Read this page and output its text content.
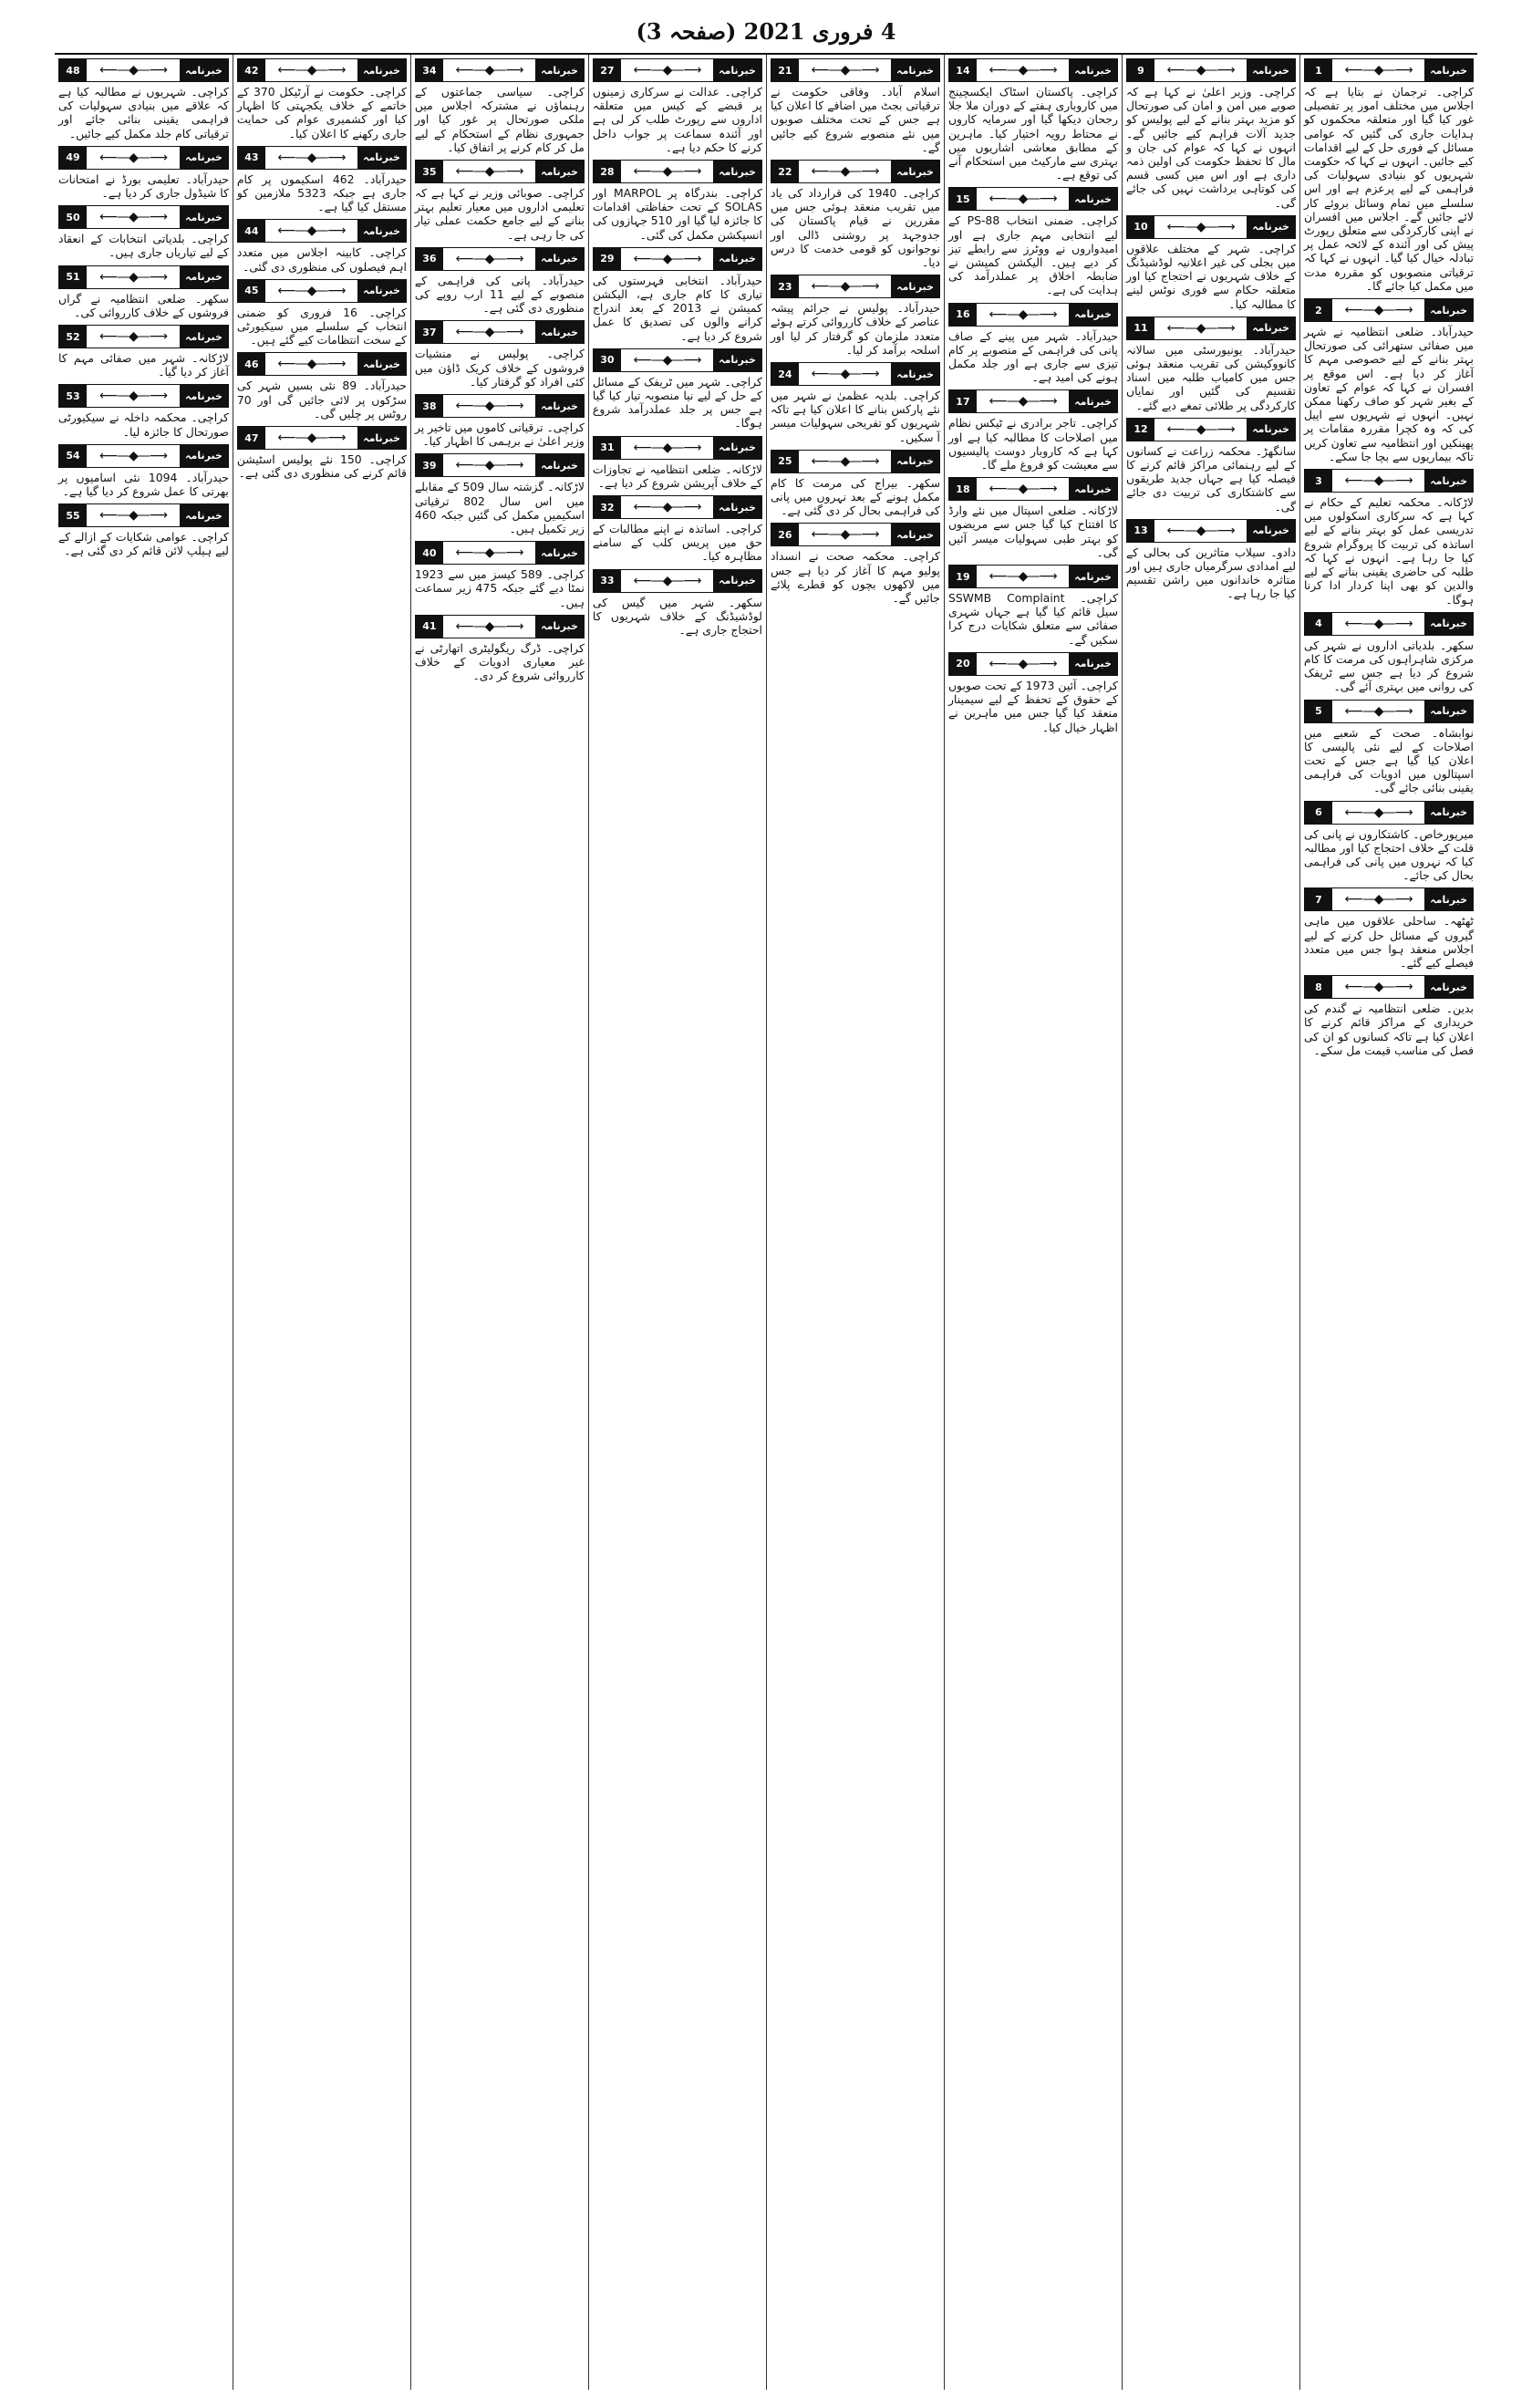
4 فروری 2021 (صفحہ 3)
خبرنامہ
⟵—◆—⟶
1

کراچی۔ ترجمان نے بتایا ہے کہ اجلاس میں مختلف امور پر تفصیلی غور کیا گیا اور متعلقہ محکموں کو ہدایات جاری کی گئیں کہ عوامی مسائل کے فوری حل کے لیے اقدامات کیے جائیں۔ انہوں نے کہا کہ حکومت شہریوں کو بنیادی سہولیات کی فراہمی کے لیے پرعزم ہے اور اس سلسلے میں تمام وسائل بروئے کار لائے جائیں گے۔ اجلاس میں افسران نے اپنی کارکردگی سے متعلق رپورٹ پیش کی اور آئندہ کے لائحہ عمل پر تبادلہ خیال کیا گیا۔ انہوں نے کہا کہ ترقیاتی منصوبوں کو مقررہ مدت میں مکمل کیا جائے گا۔

خبرنامہ
⟵—◆—⟶
2

حیدرآباد۔ ضلعی انتظامیہ نے شہر میں صفائی ستھرائی کی صورتحال بہتر بنانے کے لیے خصوصی مہم کا آغاز کر دیا ہے۔ اس موقع پر افسران نے کہا کہ عوام کے تعاون کے بغیر شہر کو صاف رکھنا ممکن نہیں۔ انہوں نے شہریوں سے اپیل کی کہ وہ کچرا مقررہ مقامات پر پھینکیں اور انتظامیہ سے تعاون کریں تاکہ بیماریوں سے بچا جا سکے۔

خبرنامہ
⟵—◆—⟶
3

لاڑکانہ۔ محکمہ تعلیم کے حکام نے کہا ہے کہ سرکاری اسکولوں میں تدریسی عمل کو بہتر بنانے کے لیے اساتذہ کی تربیت کا پروگرام شروع کیا جا رہا ہے۔ انہوں نے کہا کہ طلبہ کی حاضری یقینی بنانے کے لیے والدین کو بھی اپنا کردار ادا کرنا ہوگا۔

خبرنامہ
⟵—◆—⟶
4

سکھر۔ بلدیاتی اداروں نے شہر کی مرکزی شاہراہوں کی مرمت کا کام شروع کر دیا ہے جس سے ٹریفک کی روانی میں بہتری آئے گی۔

خبرنامہ
⟵—◆—⟶
5

نوابشاہ۔ صحت کے شعبے میں اصلاحات کے لیے نئی پالیسی کا اعلان کیا گیا ہے جس کے تحت اسپتالوں میں ادویات کی فراہمی یقینی بنائی جائے گی۔

خبرنامہ
⟵—◆—⟶
6

میرپورخاص۔ کاشتکاروں نے پانی کی قلت کے خلاف احتجاج کیا اور مطالبہ کیا کہ نہروں میں پانی کی فراہمی بحال کی جائے۔

خبرنامہ
⟵—◆—⟶
7

ٹھٹھہ۔ ساحلی علاقوں میں ماہی گیروں کے مسائل حل کرنے کے لیے اجلاس منعقد ہوا جس میں متعدد فیصلے کیے گئے۔

خبرنامہ
⟵—◆—⟶
8

بدین۔ ضلعی انتظامیہ نے گندم کی خریداری کے مراکز قائم کرنے کا اعلان کیا ہے تاکہ کسانوں کو ان کی فصل کی مناسب قیمت مل سکے۔

خبرنامہ
⟵—◆—⟶
9

کراچی۔ وزیر اعلیٰ نے کہا ہے کہ صوبے میں امن و امان کی صورتحال کو مزید بہتر بنانے کے لیے پولیس کو جدید آلات فراہم کیے جائیں گے۔ انہوں نے کہا کہ عوام کی جان و مال کا تحفظ حکومت کی اولین ذمہ داری ہے اور اس میں کسی قسم کی کوتاہی برداشت نہیں کی جائے گی۔

خبرنامہ
⟵—◆—⟶
10

کراچی۔ شہر کے مختلف علاقوں میں بجلی کی غیر اعلانیہ لوڈشیڈنگ کے خلاف شہریوں نے احتجاج کیا اور متعلقہ حکام سے فوری نوٹس لینے کا مطالبہ کیا۔

خبرنامہ
⟵—◆—⟶
11

حیدرآباد۔ یونیورسٹی میں سالانہ کانووکیشن کی تقریب منعقد ہوئی جس میں کامیاب طلبہ میں اسناد تقسیم کی گئیں اور نمایاں کارکردگی پر طلائی تمغے دیے گئے۔

خبرنامہ
⟵—◆—⟶
12

سانگھڑ۔ محکمہ زراعت نے کسانوں کے لیے رہنمائی مراکز قائم کرنے کا فیصلہ کیا ہے جہاں جدید طریقوں سے کاشتکاری کی تربیت دی جائے گی۔

خبرنامہ
⟵—◆—⟶
13

دادو۔ سیلاب متاثرین کی بحالی کے لیے امدادی سرگرمیاں جاری ہیں اور متاثرہ خاندانوں میں راشن تقسیم کیا جا رہا ہے۔

خبرنامہ
⟵—◆—⟶
14

کراچی۔ پاکستان اسٹاک ایکسچینج میں کاروباری ہفتے کے دوران ملا جلا رجحان دیکھا گیا اور سرمایہ کاروں نے محتاط رویہ اختیار کیا۔ ماہرین کے مطابق معاشی اشاریوں میں بہتری سے مارکیٹ میں استحکام آنے کی توقع ہے۔

خبرنامہ
⟵—◆—⟶
15

کراچی۔ ضمنی انتخاب PS-88 کے لیے انتخابی مہم جاری ہے اور امیدواروں نے ووٹرز سے رابطے تیز کر دیے ہیں۔ الیکشن کمیشن نے ضابطہ اخلاق پر عملدرآمد کی ہدایت کی ہے۔

خبرنامہ
⟵—◆—⟶
16

حیدرآباد۔ شہر میں پینے کے صاف پانی کی فراہمی کے منصوبے پر کام تیزی سے جاری ہے اور جلد مکمل ہونے کی امید ہے۔

خبرنامہ
⟵—◆—⟶
17

کراچی۔ تاجر برادری نے ٹیکس نظام میں اصلاحات کا مطالبہ کیا ہے اور کہا ہے کہ کاروبار دوست پالیسیوں سے معیشت کو فروغ ملے گا۔

خبرنامہ
⟵—◆—⟶
18

لاڑکانہ۔ ضلعی اسپتال میں نئے وارڈ کا افتتاح کیا گیا جس سے مریضوں کو بہتر طبی سہولیات میسر آئیں گی۔

خبرنامہ
⟵—◆—⟶
19

کراچی۔ SSWMB Complaint سیل قائم کیا گیا ہے جہاں شہری صفائی سے متعلق شکایات درج کرا سکیں گے۔

خبرنامہ
⟵—◆—⟶
20

کراچی۔ آئین 1973 کے تحت صوبوں کے حقوق کے تحفظ کے لیے سیمینار منعقد کیا گیا جس میں ماہرین نے اظہار خیال کیا۔

خبرنامہ
⟵—◆—⟶
21

اسلام آباد۔ وفاقی حکومت نے ترقیاتی بجٹ میں اضافے کا اعلان کیا ہے جس کے تحت مختلف صوبوں میں نئے منصوبے شروع کیے جائیں گے۔

خبرنامہ
⟵—◆—⟶
22

کراچی۔ 1940 کی قرارداد کی یاد میں تقریب منعقد ہوئی جس میں مقررین نے قیام پاکستان کی جدوجہد پر روشنی ڈالی اور نوجوانوں کو قومی خدمت کا درس دیا۔

خبرنامہ
⟵—◆—⟶
23

حیدرآباد۔ پولیس نے جرائم پیشہ عناصر کے خلاف کارروائی کرتے ہوئے متعدد ملزمان کو گرفتار کر لیا اور اسلحہ برآمد کر لیا۔

خبرنامہ
⟵—◆—⟶
24

کراچی۔ بلدیہ عظمیٰ نے شہر میں نئے پارکس بنانے کا اعلان کیا ہے تاکہ شہریوں کو تفریحی سہولیات میسر آ سکیں۔

خبرنامہ
⟵—◆—⟶
25

سکھر۔ بیراج کی مرمت کا کام مکمل ہونے کے بعد نہروں میں پانی کی فراہمی بحال کر دی گئی ہے۔

خبرنامہ
⟵—◆—⟶
26

کراچی۔ محکمہ صحت نے انسداد پولیو مہم کا آغاز کر دیا ہے جس میں لاکھوں بچوں کو قطرے پلائے جائیں گے۔

خبرنامہ
⟵—◆—⟶
27

کراچی۔ عدالت نے سرکاری زمینوں پر قبضے کے کیس میں متعلقہ اداروں سے رپورٹ طلب کر لی ہے اور آئندہ سماعت پر جواب داخل کرنے کا حکم دیا ہے۔

خبرنامہ
⟵—◆—⟶
28

کراچی۔ بندرگاہ پر MARPOL اور SOLAS کے تحت حفاظتی اقدامات کا جائزہ لیا گیا اور 510 جہازوں کی انسپکشن مکمل کی گئی۔

خبرنامہ
⟵—◆—⟶
29

حیدرآباد۔ انتخابی فہرستوں کی تیاری کا کام جاری ہے، الیکشن کمیشن نے 2013 کے بعد اندراج کرانے والوں کی تصدیق کا عمل شروع کر دیا ہے۔

خبرنامہ
⟵—◆—⟶
30

کراچی۔ شہر میں ٹریفک کے مسائل کے حل کے لیے نیا منصوبہ تیار کیا گیا ہے جس پر جلد عملدرآمد شروع ہوگا۔

خبرنامہ
⟵—◆—⟶
31

لاڑکانہ۔ ضلعی انتظامیہ نے تجاوزات کے خلاف آپریشن شروع کر دیا ہے۔

خبرنامہ
⟵—◆—⟶
32

کراچی۔ اساتذہ نے اپنے مطالبات کے حق میں پریس کلب کے سامنے مظاہرہ کیا۔

خبرنامہ
⟵—◆—⟶
33

سکھر۔ شہر میں گیس کی لوڈشیڈنگ کے خلاف شہریوں کا احتجاج جاری ہے۔

خبرنامہ
⟵—◆—⟶
34

کراچی۔ سیاسی جماعتوں کے رہنماؤں نے مشترکہ اجلاس میں ملکی صورتحال پر غور کیا اور جمہوری نظام کے استحکام کے لیے مل کر کام کرنے پر اتفاق کیا۔

خبرنامہ
⟵—◆—⟶
35

کراچی۔ صوبائی وزیر نے کہا ہے کہ تعلیمی اداروں میں معیار تعلیم بہتر بنانے کے لیے جامع حکمت عملی تیار کی جا رہی ہے۔

خبرنامہ
⟵—◆—⟶
36

حیدرآباد۔ پانی کی فراہمی کے منصوبے کے لیے 11 ارب روپے کی منظوری دی گئی ہے۔

خبرنامہ
⟵—◆—⟶
37

کراچی۔ پولیس نے منشیات فروشوں کے خلاف کریک ڈاؤن میں کئی افراد کو گرفتار کیا۔

خبرنامہ
⟵—◆—⟶
38

کراچی۔ ترقیاتی کاموں میں تاخیر پر وزیر اعلیٰ نے برہمی کا اظہار کیا۔

خبرنامہ
⟵—◆—⟶
39

لاڑکانہ۔ گزشتہ سال 509 کے مقابلے میں اس سال 802 ترقیاتی اسکیمیں مکمل کی گئیں جبکہ 460 زیر تکمیل ہیں۔

خبرنامہ
⟵—◆—⟶
40

کراچی۔ 589 کیسز میں سے 1923 نمٹا دیے گئے جبکہ 475 زیر سماعت ہیں۔

خبرنامہ
⟵—◆—⟶
41

کراچی۔ ڈرگ ریگولیٹری اتھارٹی نے غیر معیاری ادویات کے خلاف کارروائی شروع کر دی۔

خبرنامہ
⟵—◆—⟶
42

کراچی۔ حکومت نے آرٹیکل 370 کے خاتمے کے خلاف یکجہتی کا اظہار کیا اور کشمیری عوام کی حمایت جاری رکھنے کا اعلان کیا۔

خبرنامہ
⟵—◆—⟶
43

حیدرآباد۔ 462 اسکیموں پر کام جاری ہے جبکہ 5323 ملازمین کو مستقل کیا گیا ہے۔

خبرنامہ
⟵—◆—⟶
44

کراچی۔ کابینہ اجلاس میں متعدد اہم فیصلوں کی منظوری دی گئی۔

خبرنامہ
⟵—◆—⟶
45

کراچی۔ 16 فروری کو ضمنی انتخاب کے سلسلے میں سیکیورٹی کے سخت انتظامات کیے گئے ہیں۔

خبرنامہ
⟵—◆—⟶
46

حیدرآباد۔ 89 نئی بسیں شہر کی سڑکوں پر لائی جائیں گی اور 70 روٹس پر چلیں گی۔

خبرنامہ
⟵—◆—⟶
47

کراچی۔ 150 نئے پولیس اسٹیشن قائم کرنے کی منظوری دی گئی ہے۔

خبرنامہ
⟵—◆—⟶
48

کراچی۔ شہریوں نے مطالبہ کیا ہے کہ علاقے میں بنیادی سہولیات کی فراہمی یقینی بنائی جائے اور ترقیاتی کام جلد مکمل کیے جائیں۔

خبرنامہ
⟵—◆—⟶
49

حیدرآباد۔ تعلیمی بورڈ نے امتحانات کا شیڈول جاری کر دیا ہے۔

خبرنامہ
⟵—◆—⟶
50

کراچی۔ بلدیاتی انتخابات کے انعقاد کے لیے تیاریاں جاری ہیں۔

خبرنامہ
⟵—◆—⟶
51

سکھر۔ ضلعی انتظامیہ نے گراں فروشوں کے خلاف کارروائی کی۔

خبرنامہ
⟵—◆—⟶
52

لاڑکانہ۔ شہر میں صفائی مہم کا آغاز کر دیا گیا۔

خبرنامہ
⟵—◆—⟶
53

کراچی۔ محکمہ داخلہ نے سیکیورٹی صورتحال کا جائزہ لیا۔

خبرنامہ
⟵—◆—⟶
54

حیدرآباد۔ 1094 نئی اسامیوں پر بھرتی کا عمل شروع کر دیا گیا ہے۔

خبرنامہ
⟵—◆—⟶
55

کراچی۔ عوامی شکایات کے ازالے کے لیے ہیلپ لائن قائم کر دی گئی ہے۔
